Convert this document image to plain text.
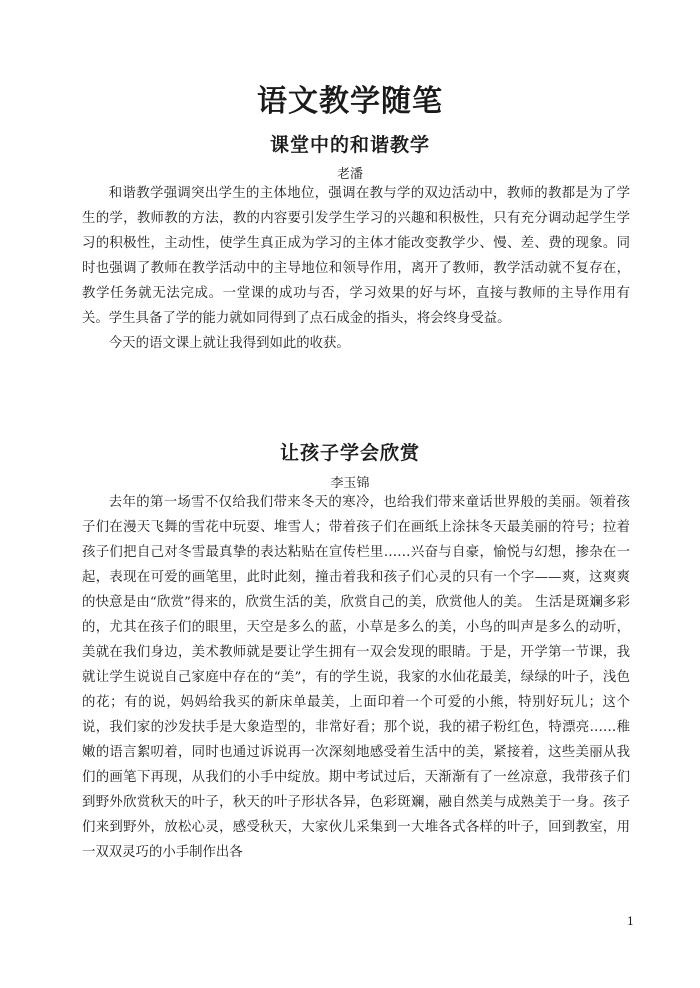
语文教学随笔
课堂中的和谐教学
老潘

和谐教学强调突出学生的主体地位，强调在教与学的双边活动中，教师的教都是为了学生的学，教师教的方法，教的内容要引发学生学习的兴趣和积极性，只有充分调动起学生学习的积极性，主动性，使学生真正成为学习的主体才能改变教学少、慢、差、费的现象。同时也强调了教师在教学活动中的主导地位和领导作用，离开了教师，教学活动就不复存在，教学任务就无法完成。一堂课的成功与否，学习效果的好与坏，直接与教师的主导作用有关。学生具备了学的能力就如同得到了点石成金的指头，将会终身受益。

今天的语文课上就让我得到如此的收获。

让孩子学会欣赏
李玉锦

去年的第一场雪不仅给我们带来冬天的寒冷，也给我们带来童话世界般的美丽。领着孩子们在漫天飞舞的雪花中玩耍、堆雪人；带着孩子们在画纸上涂抹冬天最美丽的符号；拉着孩子们把自己对冬雪最真挚的表达粘贴在宣传栏里……兴奋与自豪，愉悦与幻想，掺杂在一起，表现在可爱的画笔里，此时此刻，撞击着我和孩子们心灵的只有一个字——爽，这爽爽的快意是由“欣赏”得来的，欣赏生活的美，欣赏自己的美，欣赏他人的美。 生活是斑斓多彩的，尤其在孩子们的眼里，天空是多么的蓝，小草是多么的美，小鸟的叫声是多么的动听，美就在我们身边，美术教师就是要让学生拥有一双会发现的眼睛。于是，开学第一节课，我就让学生说说自己家庭中存在的“美”，有的学生说，我家的水仙花最美，绿绿的叶子，浅色的花；有的说，妈妈给我买的新床单最美，上面印着一个可爱的小熊，特别好玩儿；这个说，我们家的沙发扶手是大象造型的，非常好看；那个说，我的裙子粉红色，特漂亮……稚嫩的语言絮叨着，同时也通过诉说再一次深刻地感受着生活中的美，紧接着，这些美丽从我们的画笔下再现，从我们的小手中绽放。期中考试过后，天渐渐有了一丝凉意，我带孩子们到野外欣赏秋天的叶子，秋天的叶子形状各异，色彩斑斓，融自然美与成熟美于一身。孩子们来到野外，放松心灵，感受秋天，大家伙儿采集到一大堆各式各样的叶子，回到教室，用一双双灵巧的小手制作出各

1
